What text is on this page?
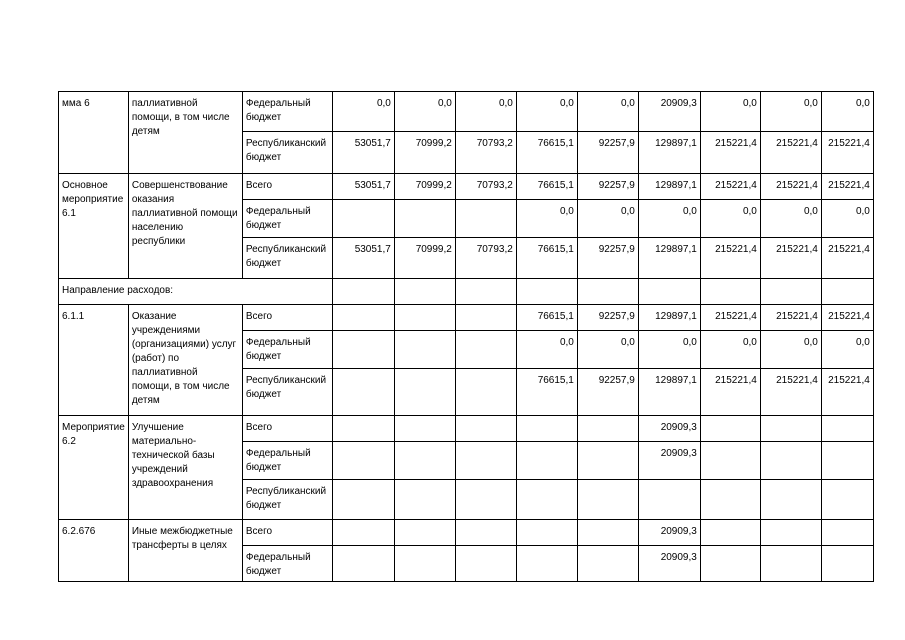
мма 6	паллиативной помощи, в том числе детям	Федеральный бюджет	0,0	0,0	0,0	0,0	0,0	20909,3	0,0	0,0	0,0
		Республиканский бюджет	53051,7	70999,2	70793,2	76615,1	92257,9	129897,1	215221,4	215221,4	215221,4
Основное мероприятие 6.1	Совершенствование оказания паллиативной помощи населению республики	Всего	53051,7	70999,2	70793,2	76615,1	92257,9	129897,1	215221,4	215221,4	215221,4
		Федеральный бюджет				0,0	0,0	0,0	0,0	0,0	0,0
		Республиканский бюджет	53051,7	70999,2	70793,2	76615,1	92257,9	129897,1	215221,4	215221,4	215221,4
Направление расходов:											
6.1.1	Оказание учреждениями (организациями) услуг (работ) по паллиативной помощи, в том числе детям	Всего				76615,1	92257,9	129897,1	215221,4	215221,4	215221,4
		Федеральный бюджет				0,0	0,0	0,0	0,0	0,0	0,0
		Республиканский бюджет				76615,1	92257,9	129897,1	215221,4	215221,4	215221,4
Мероприятие 6.2	Улучшение материально-технической базы учреждений здравоохранения	Всего						20909,3			
		Федеральный бюджет						20909,3			
		Республиканский бюджет									
6.2.676	Иные межбюджетные трансферты в целях	Всего						20909,3			
		Федеральный бюджет						20909,3			
